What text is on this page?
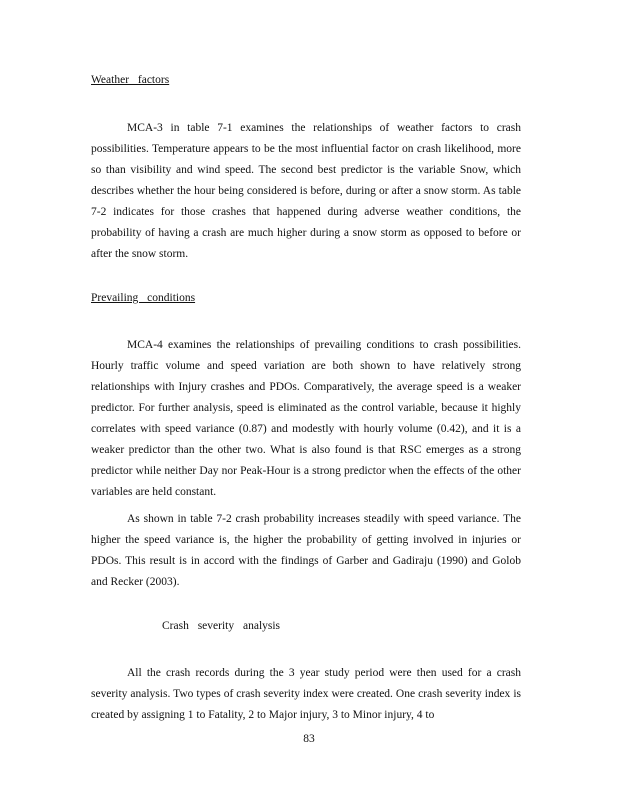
Weather factors

MCA-3 in table 7-1 examines the relationships of weather factors to crash possibilities. Temperature appears to be the most influential factor on crash likelihood, more so than visibility and wind speed. The second best predictor is the variable Snow, which describes whether the hour being considered is before, during or after a snow storm. As table 7-2 indicates for those crashes that happened during adverse weather conditions, the probability of having a crash are much higher during a snow storm as opposed to before or after the snow storm.

Prevailing conditions

MCA-4 examines the relationships of prevailing conditions to crash possibilities. Hourly traffic volume and speed variation are both shown to have relatively strong relationships with Injury crashes and PDOs. Comparatively, the average speed is a weaker predictor. For further analysis, speed is eliminated as the control variable, because it highly correlates with speed variance (0.87) and modestly with hourly volume (0.42), and it is a weaker predictor than the other two. What is also found is that RSC emerges as a strong predictor while neither Day nor Peak-Hour is a strong predictor when the effects of the other variables are held constant.

As shown in table 7-2 crash probability increases steadily with speed variance. The higher the speed variance is, the higher the probability of getting involved in injuries or PDOs. This result is in accord with the findings of Garber and Gadiraju (1990) and Golob and Recker (2003).

Crash severity analysis

All the crash records during the 3 year study period were then used for a crash severity analysis. Two types of crash severity index were created. One crash severity index is created by assigning 1 to Fatality, 2 to Major injury, 3 to Minor injury, 4 to

83
